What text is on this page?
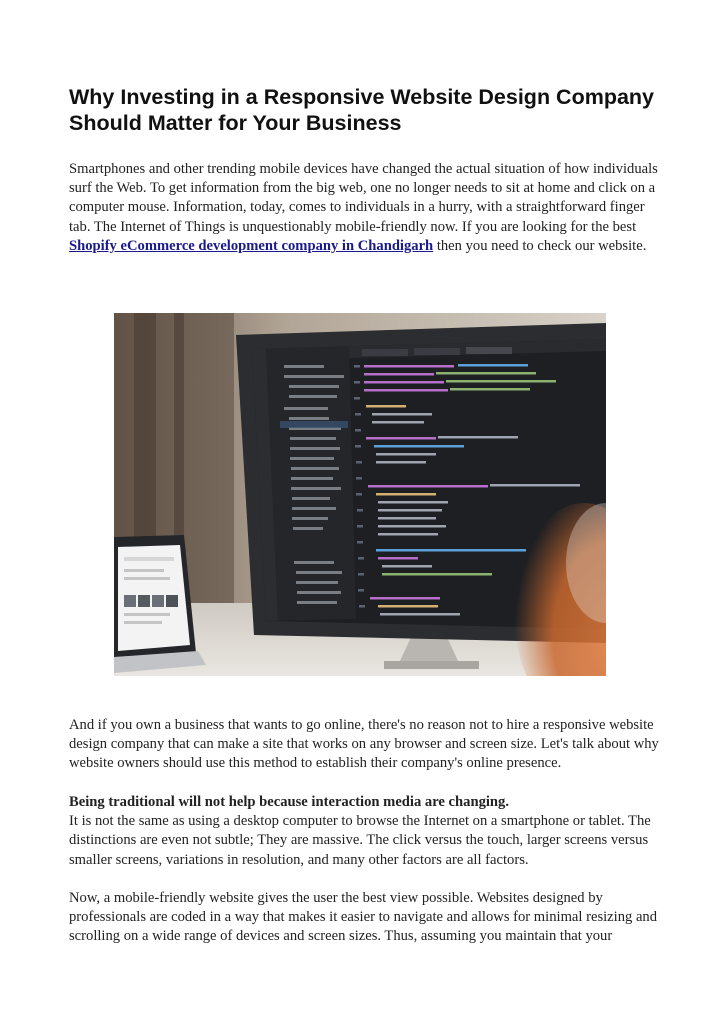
Why Investing in a Responsive Website Design Company Should Matter for Your Business

Smartphones and other trending mobile devices have changed the actual situation of how individuals surf the Web. To get information from the big web, one no longer needs to sit at home and click on a computer mouse. Information, today, comes to individuals in a hurry, with a straightforward finger tab. The Internet of Things is unquestionably mobile-friendly now. If you are looking for the best Shopify eCommerce development company in Chandigarh then you need to check our website.

And if you own a business that wants to go online, there's no reason not to hire a responsive website design company that can make a site that works on any browser and screen size. Let's talk about why website owners should use this method to establish their company's online presence.

Being traditional will not help because interaction media are changing.
It is not the same as using a desktop computer to browse the Internet on a smartphone or tablet. The distinctions are even not subtle; They are massive. The click versus the touch, larger screens versus smaller screens, variations in resolution, and many other factors are all factors.

Now, a mobile-friendly website gives the user the best view possible. Websites designed by professionals are coded in a way that makes it easier to navigate and allows for minimal resizing and scrolling on a wide range of devices and screen sizes. Thus, assuming you maintain that your
